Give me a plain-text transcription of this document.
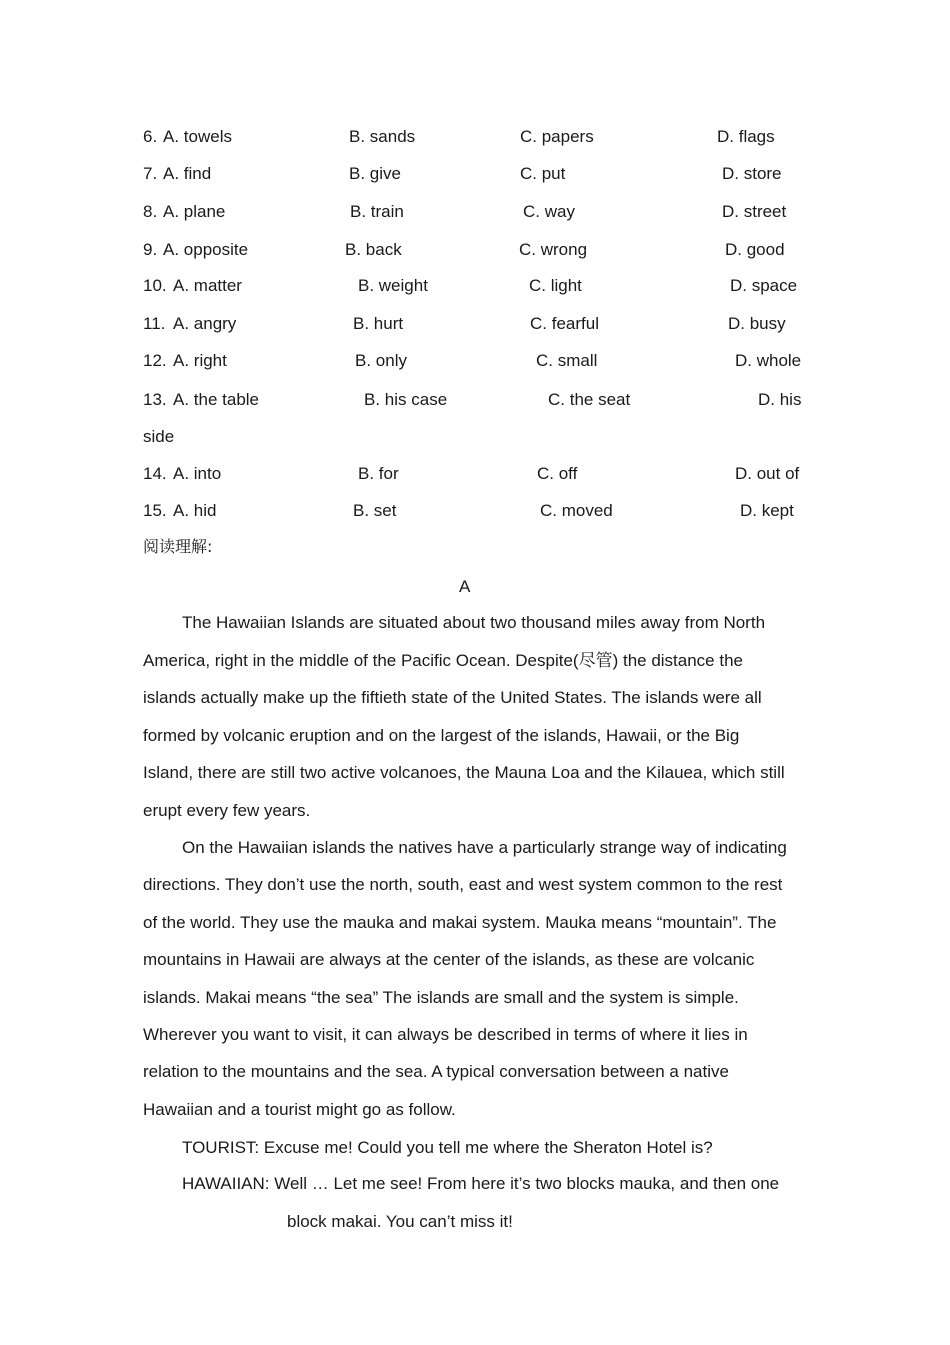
6. A. towels	B. sands	C. papers	D. flags
7. A. find	B. give	C. put	D. store
8. A. plane	B. train	C. way	D. street
9. A. opposite	B. back	C. wrong	D. good
10. A. matter	B. weight	C. light	D. space
11. A. angry	B. hurt	C. fearful	D. busy
12. A. right	B. only	C. small	D. whole
13. A. the table	B. his case	C. the seat	D. his
side
14. A. into	B. for	C. off	D. out of
15. A. hid	B. set	C. moved	D. kept
阅读理解:
A
The Hawaiian Islands are situated about two thousand miles away from North
America, right in the middle of the Pacific Ocean. Despite(尽管) the distance the
islands actually make up the fiftieth state of the United States. The islands were all
formed by volcanic eruption and on the largest of the islands, Hawaii, or the Big
Island, there are still two active volcanoes, the Mauna Loa and the Kilauea, which still
erupt every few years.
On the Hawaiian islands the natives have a particularly strange way of indicating
directions. They don’t use the north, south, east and west system common to the rest
of the world. They use the mauka and makai system. Mauka means “mountain”. The
mountains in Hawaii are always at the center of the islands, as these are volcanic
islands. Makai means “the sea” The islands are small and the system is simple.
Wherever you want to visit, it can always be described in terms of where it lies in
relation to the mountains and the sea. A typical conversation between a native
Hawaiian and a tourist might go as follow.
TOURIST: Excuse me! Could you tell me where the Sheraton Hotel is?
HAWAIIAN: Well … Let me see! From here it’s two blocks mauka, and then one
block makai. You can’t miss it!
